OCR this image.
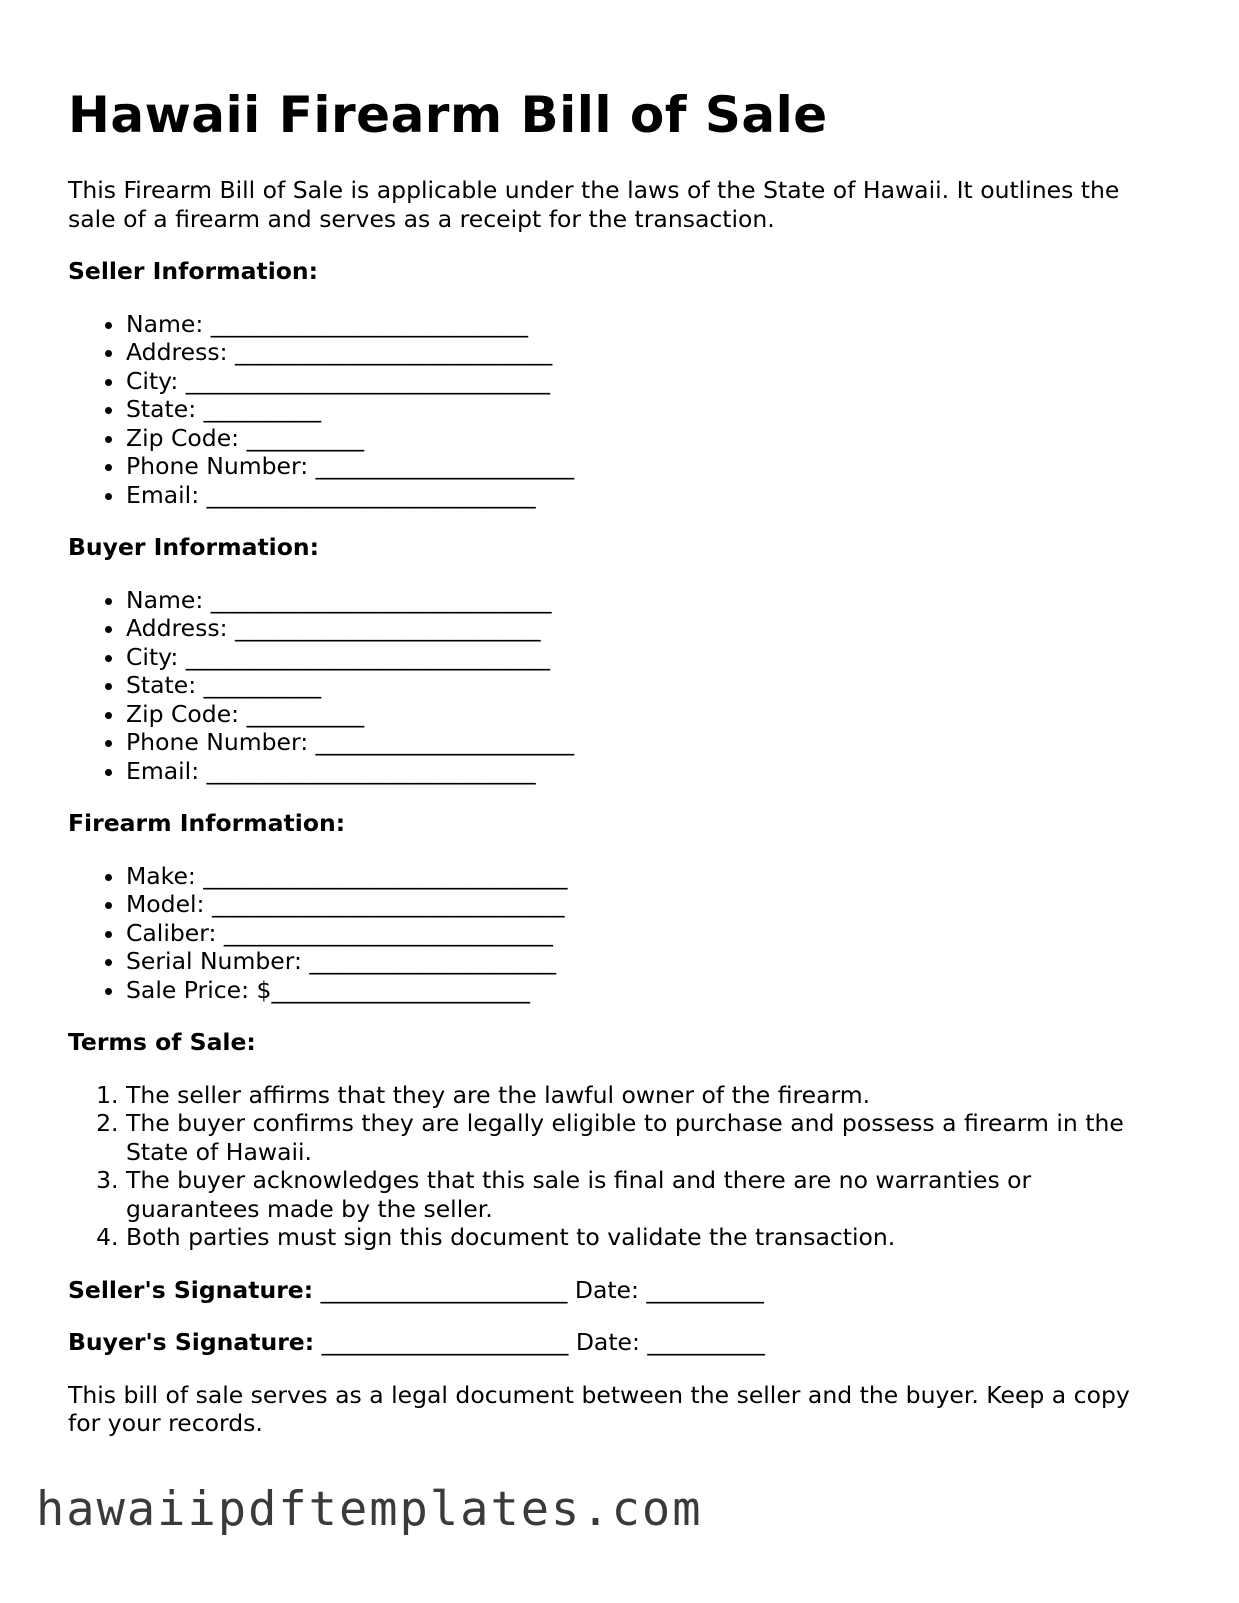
Hawaii Firearm Bill of Sale

This Firearm Bill of Sale is applicable under the laws of the State of Hawaii. It outlines the sale of a firearm and serves as a receipt for the transaction.

Seller Information:
• Name: ___________________________
• Address: ___________________________
• City: _______________________________
• State: __________
• Zip Code: __________
• Phone Number: ______________________
• Email: ____________________________
Buyer Information:
• Name: _____________________________
• Address: __________________________
• City: _______________________________
• State: __________
• Zip Code: __________
• Phone Number: ______________________
• Email: ____________________________
Firearm Information:
• Make: _______________________________
• Model: ______________________________
• Caliber: ____________________________
• Serial Number: _____________________
• Sale Price: $______________________
Terms of Sale:
1. The seller affirms that they are the lawful owner of the firearm.
2. The buyer confirms they are legally eligible to purchase and possess a firearm in the State of Hawaii.
3. The buyer acknowledges that this sale is final and there are no warranties or guarantees made by the seller.
4. Both parties must sign this document to validate the transaction.
Seller's Signature: _____________________ Date: __________
Buyer's Signature: _____________________ Date: __________

This bill of sale serves as a legal document between the seller and the buyer. Keep a copy for your records.

hawaiipdftemplates.com
